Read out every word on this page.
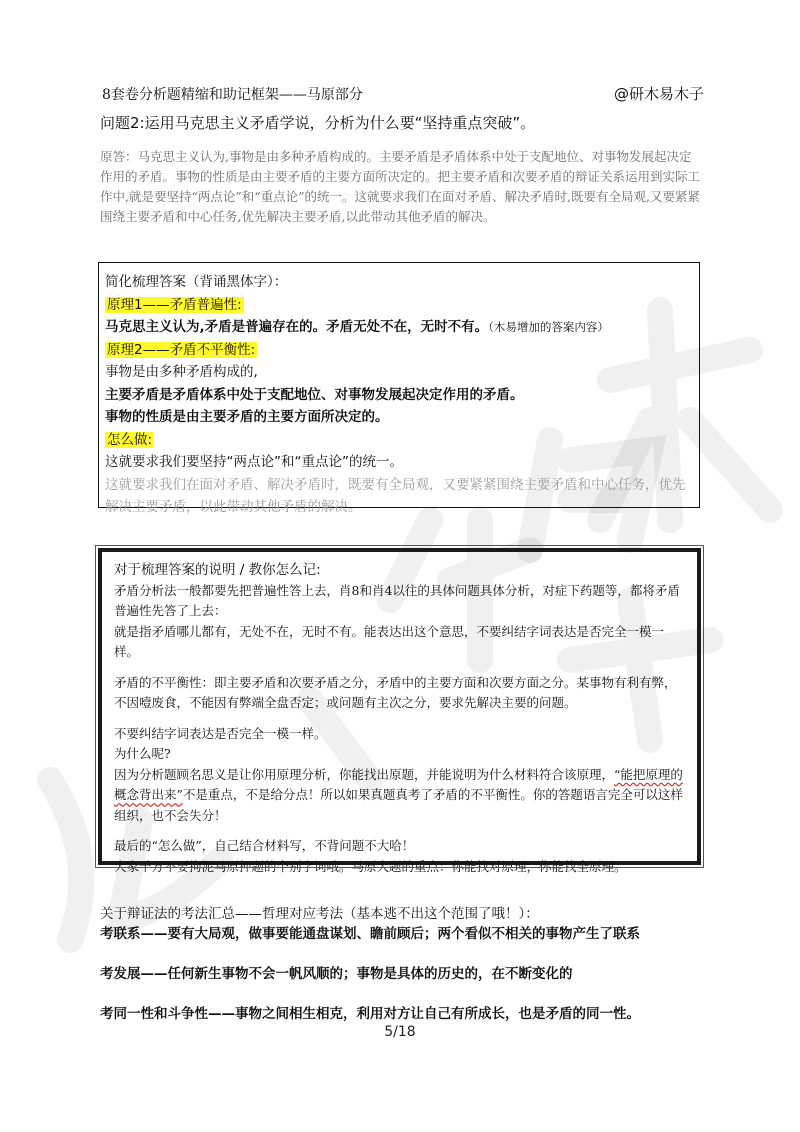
8套卷分析题精缩和助记框架——马原部分	@研木易木子
问题2:运用马克思主义矛盾学说，分析为什么要“坚持重点突破”。
原答：马克思主义认为,事物是由多种矛盾构成的。主要矛盾是矛盾体系中处于支配地位、对事物发展起决定作用的矛盾。事物的性质是由主要矛盾的主要方面所决定的。把主要矛盾和次要矛盾的辩证关系运用到实际工作中,就是要坚持“两点论”和“重点论”的统一。这就要求我们在面对矛盾、解决矛盾时,既要有全局观,又要紧紧围绕主要矛盾和中心任务,优先解决主要矛盾,以此带动其他矛盾的解决。
简化梳理答案（背诵黑体字）：
原理1——矛盾普遍性:
马克思主义认为,矛盾是普遍存在的。矛盾无处不在，无时不有。（木易增加的答案内容）
原理2——矛盾不平衡性:
事物是由多种矛盾构成的,
主要矛盾是矛盾体系中处于支配地位、对事物发展起决定作用的矛盾。
事物的性质是由主要矛盾的主要方面所决定的。
怎么做:
这就要求我们要坚持“两点论”和“重点论”的统一。
这就要求我们在面对矛盾、解决矛盾时，既要有全局观，又要紧紧围绕主要矛盾和中心任务，优先解决主要矛盾，以此带动其他矛盾的解决。
对于梳理答案的说明 / 教你怎么记:
矛盾分析法一般都要先把普遍性答上去，肖8和肖4以往的具体问题具体分析，对症下药题等，都将矛盾普遍性先答了上去：
就是指矛盾哪儿都有，无处不在，无时不有。能表达出这个意思，不要纠结字词表达是否完全一模一样。
矛盾的不平衡性：即主要矛盾和次要矛盾之分，矛盾中的主要方面和次要方面之分。某事物有利有弊，不因噎废食，不能因有弊端全盘否定；或问题有主次之分，要求先解决主要的问题。
不要纠结字词表达是否完全一模一样。
为什么呢?
因为分析题顾名思义是让你用原理分析，你能找出原题，并能说明为什么材料符合该原理，“能把原理的概念背出来”不是重点，不是给分点！所以如果真题真考了矛盾的不平衡性。你的答题语言完全可以这样组织，也不会失分！
最后的“怎么做”，自己结合材料写，不背问题不大哈！
大家千万不要拘泥马原押题的个别字词哦。马原大题的重点：你能找对原理，你能找全原理。

关于辩证法的考法汇总——哲理对应考法（基本逃不出这个范围了哦！）：

考联系——要有大局观，做事要能通盘谋划、瞻前顾后；两个看似不相关的事物产生了联系

考发展——任何新生事物不会一帆风顺的；事物是具体的历史的，在不断变化的

考同一性和斗争性——事物之间相生相克，利用对方让自己有所成长，也是矛盾的同一性。

5/18
